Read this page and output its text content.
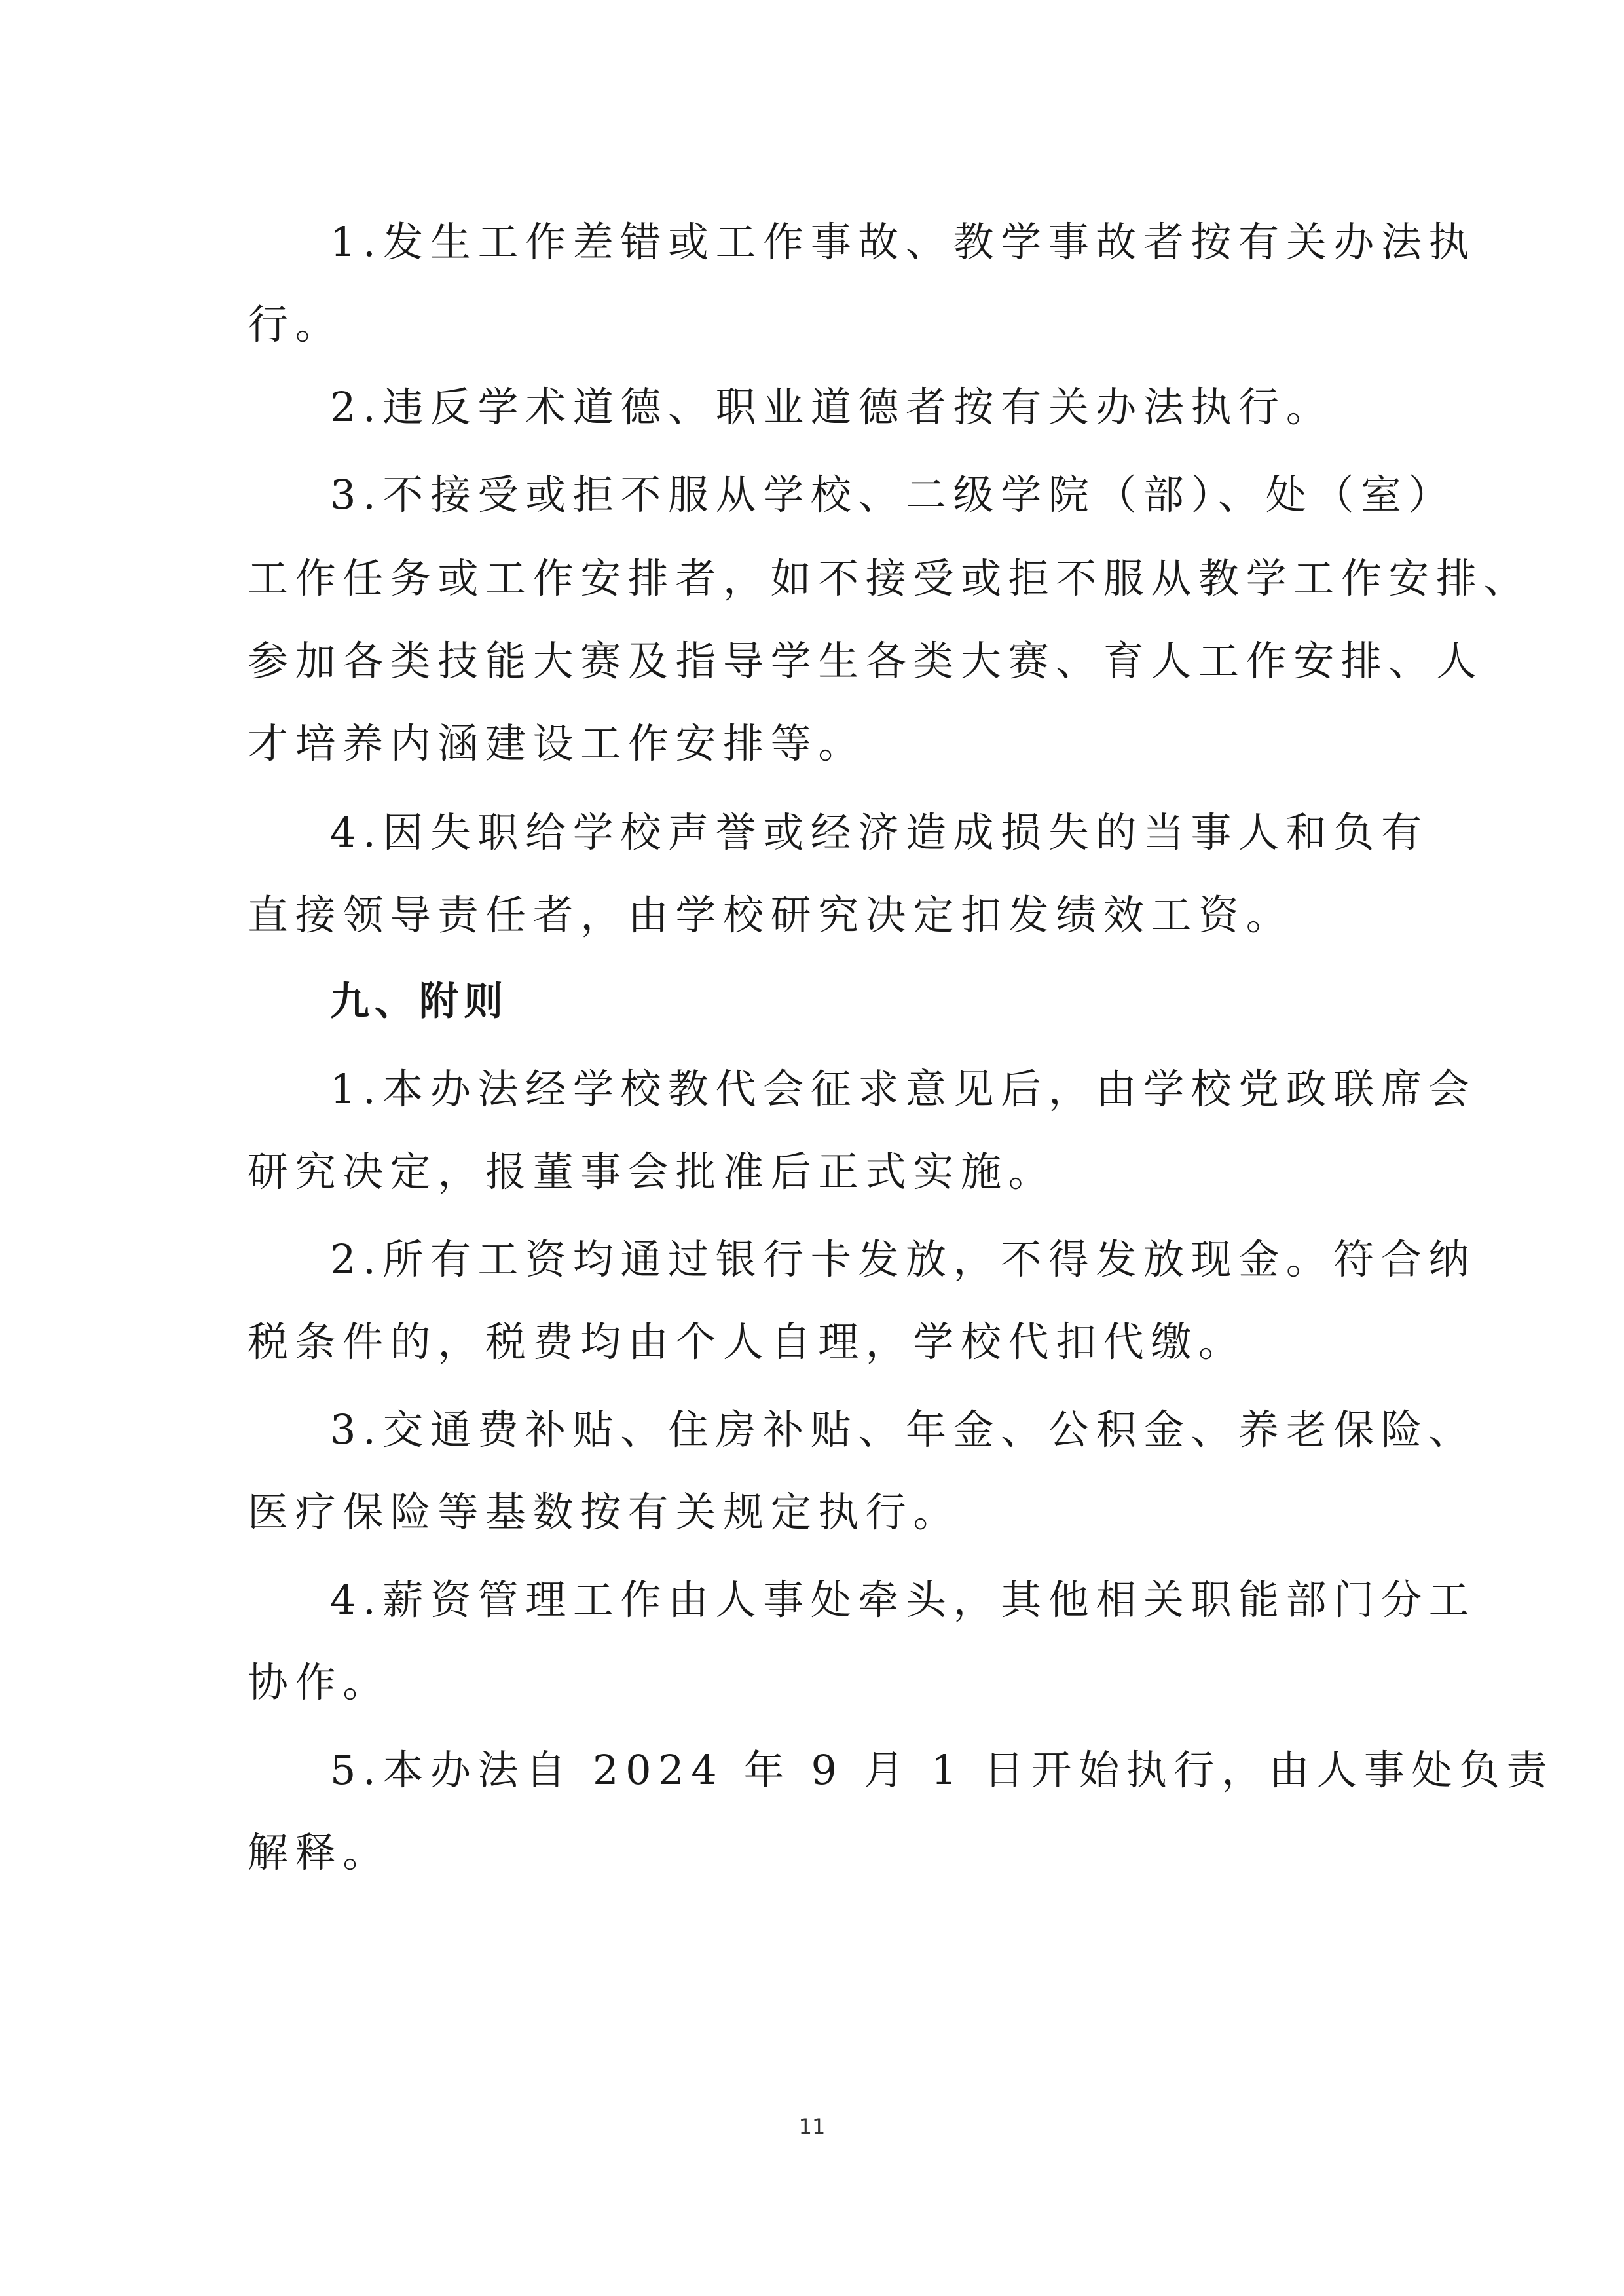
1.发生工作差错或工作事故、教学事故者按有关办法执
行。
2.违反学术道德、职业道德者按有关办法执行。
3.不接受或拒不服从学校、二级学院（部）、处（室）
工作任务或工作安排者，如不接受或拒不服从教学工作安排、
参加各类技能大赛及指导学生各类大赛、育人工作安排、人
才培养内涵建设工作安排等。
4.因失职给学校声誉或经济造成损失的当事人和负有
直接领导责任者，由学校研究决定扣发绩效工资。
九、附则
1.本办法经学校教代会征求意见后，由学校党政联席会
研究决定，报董事会批准后正式实施。
2.所有工资均通过银行卡发放，不得发放现金。符合纳
税条件的，税费均由个人自理，学校代扣代缴。
3.交通费补贴、住房补贴、年金、公积金、养老保险、
医疗保险等基数按有关规定执行。
4.薪资管理工作由人事处牵头，其他相关职能部门分工
协作。
5.本办法自 2024 年 9 月 1 日开始执行，由人事处负责
解释。
11
